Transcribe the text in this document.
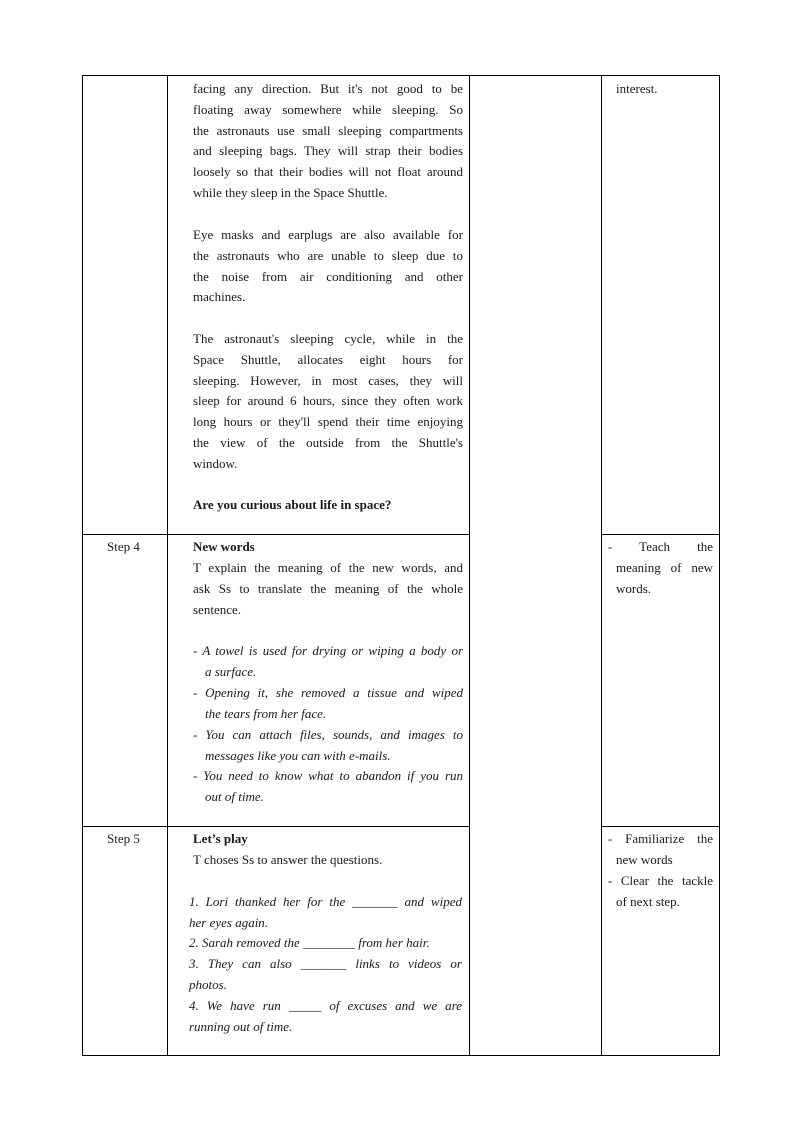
facing any direction. But it's not good to be
floating away somewhere while sleeping. So
the astronauts use small sleeping compartments
and sleeping bags. They will strap their bodies
loosely so that their bodies will not float around
while they sleep in the Space Shuttle.
Eye masks and earplugs are also available for
the astronauts who are unable to sleep due to
the noise from air conditioning and other
machines.
The astronaut's sleeping cycle, while in the
Space Shuttle, allocates eight hours for
sleeping. However, in most cases, they will
sleep for around 6 hours, since they often work
long hours or they'll spend their time enjoying
the view of the outside from the Shuttle's
window.
Are you curious about life in space?
interest.
Step 4	New words
T explain the meaning of the new words, and
ask Ss to translate the meaning of the whole
sentence.
- A towel is used for drying or wiping a body or
a surface.
- Opening it, she removed a tissue and wiped
the tears from her face.
- You can attach files, sounds, and images to
messages like you can with e-mails.
- You need to know what to abandon if you run
out of time.
- Teach the
meaning of new
words.
Step 5	Let’s play
T choses Ss to answer the questions.
1. Lori thanked her for the _______ and wiped
her eyes again.
2. Sarah removed the ________ from her hair.
3. They can also _______ links to videos or
photos.
4. We have run _____ of excuses and we are
running out of time.
- Familiarize the
new words
- Clear the tackle
of next step.
